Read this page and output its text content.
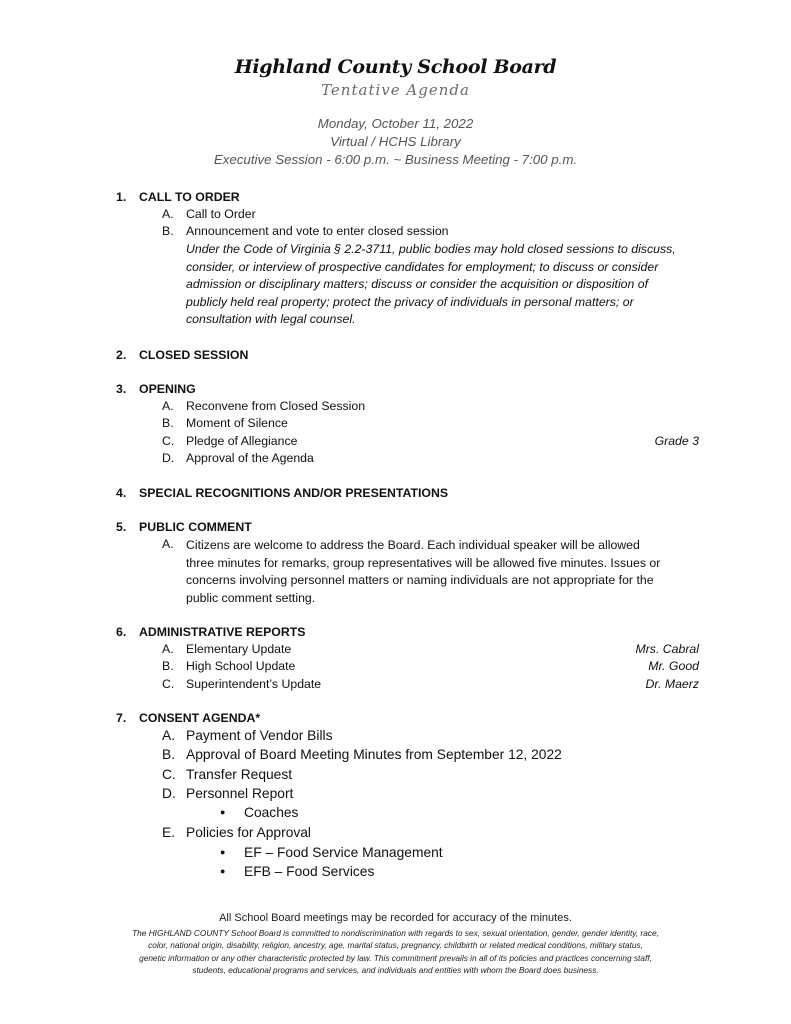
Highland County School Board
Tentative Agenda
Monday, October 11, 2022
Virtual / HCHS Library
Executive Session - 6:00 p.m. ~ Business Meeting - 7:00 p.m.
1. CALL TO ORDER
A. Call to Order
B. Announcement and vote to enter closed session
Under the Code of Virginia § 2.2-3711, public bodies may hold closed sessions to discuss,
consider, or interview of prospective candidates for employment; to discuss or consider
admission or disciplinary matters; discuss or consider the acquisition or disposition of
publicly held real property; protect the privacy of individuals in personal matters; or
consultation with legal counsel.
2. CLOSED SESSION
3. OPENING
A. Reconvene from Closed Session
B. Moment of Silence
C. Pledge of Allegiance	Grade 3
D. Approval of the Agenda
4. SPECIAL RECOGNITIONS AND/OR PRESENTATIONS
5. PUBLIC COMMENT
A.	Citizens are welcome to address the Board. Each individual speaker will be allowed
three minutes for remarks, group representatives will be allowed five minutes. Issues or
concerns involving personnel matters or naming individuals are not appropriate for the
public comment setting.
6. ADMINISTRATIVE REPORTS
A. Elementary Update	Mrs. Cabral
B. High School Update	Mr. Good
C. Superintendent’s Update	Dr. Maerz
7. CONSENT AGENDA*
A. Payment of Vendor Bills
B. Approval of Board Meeting Minutes from September 12, 2022
C. Transfer Request
D. Personnel Report
● Coaches
E. Policies for Approval
● EF – Food Service Management
● EFB – Food Services
All School Board meetings may be recorded for accuracy of the minutes.
The HIGHLAND COUNTY School Board is committed to nondiscrimination with regards to sex, sexual orientation, gender, gender identity, race,
color, national origin, disability, religion, ancestry, age, marital status, pregnancy, childbirth or related medical conditions, military status,
genetic information or any other characteristic protected by law. This commitment prevails in all of its policies and practices concerning staff,
students, educational programs and services, and individuals and entities with whom the Board does business.
